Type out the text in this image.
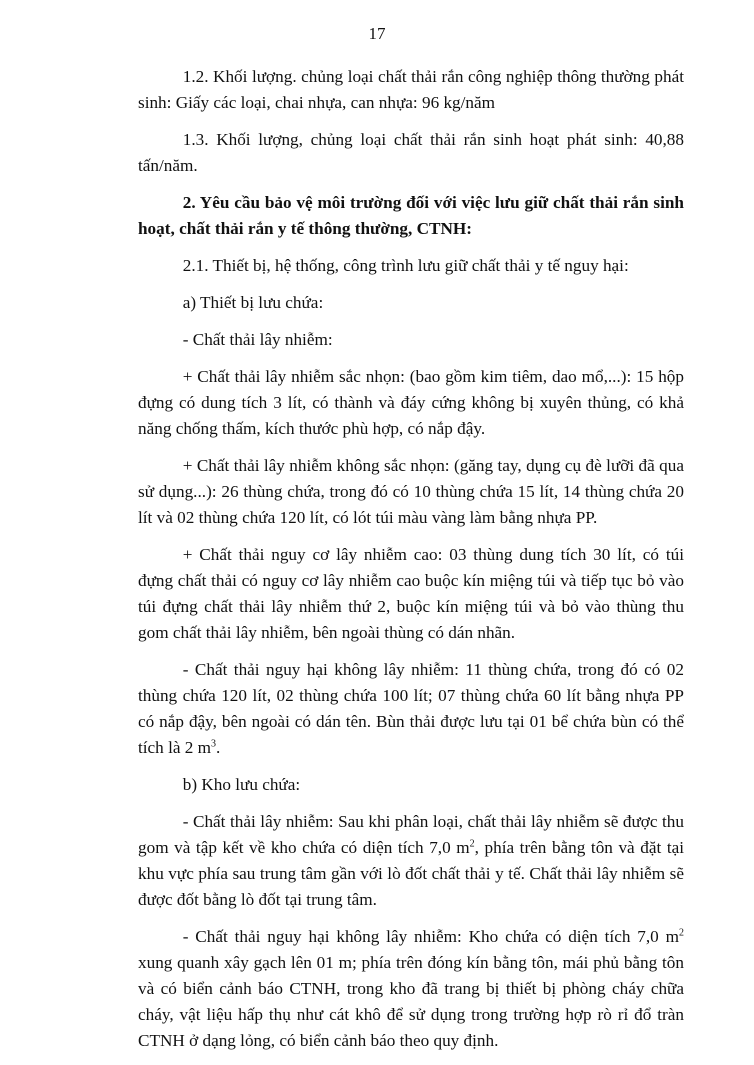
17

1.2. Khối lượng. chủng loại chất thải rắn công nghiệp thông thường phát sinh: Giấy các loại, chai nhựa, can nhựa: 96 kg/năm

1.3. Khối lượng, chủng loại chất thải rắn sinh hoạt phát sinh: 40,88 tấn/năm.

2. Yêu cầu bảo vệ môi trường đối với việc lưu giữ chất thải rắn sinh hoạt, chất thải rắn y tế thông thường, CTNH:

2.1. Thiết bị, hệ thống, công trình lưu giữ chất thải y tế nguy hại:

a) Thiết bị lưu chứa:

- Chất thải lây nhiễm:

+ Chất thải lây nhiễm sắc nhọn: (bao gồm kim tiêm, dao mổ,...): 15 hộp đựng có dung tích 3 lít, có thành và đáy cứng không bị xuyên thủng, có khả năng chống thấm, kích thước phù hợp, có nắp đậy.

+ Chất thải lây nhiễm không sắc nhọn: (găng tay, dụng cụ đè lưỡi đã qua sử dụng...): 26 thùng chứa, trong đó có 10 thùng chứa 15 lít, 14 thùng chứa 20 lít và 02 thùng chứa 120 lít, có lót túi màu vàng làm bằng nhựa PP.

+ Chất thải nguy cơ lây nhiễm cao: 03 thùng dung tích 30 lít, có túi đựng chất thải có nguy cơ lây nhiễm cao buộc kín miệng túi và tiếp tục bỏ vào túi đựng chất thải lây nhiễm thứ 2, buộc kín miệng túi và bỏ vào thùng thu gom chất thải lây nhiễm, bên ngoài thùng có dán nhãn.

- Chất thải nguy hại không lây nhiễm: 11 thùng chứa, trong đó có 02 thùng chứa 120 lít, 02 thùng chứa 100 lít; 07 thùng chứa 60 lít bằng nhựa PP có nắp đậy, bên ngoài có dán tên. Bùn thải được lưu tại 01 bể chứa bùn có thể tích là 2 $m^3$.

b) Kho lưu chứa:

- Chất thải lây nhiễm: Sau khi phân loại, chất thải lây nhiễm sẽ được thu gom và tập kết về kho chứa có diện tích 7,0 $m^2$, phía trên bằng tôn và đặt tại khu vực phía sau trung tâm gần với lò đốt chất thải y tế. Chất thải lây nhiễm sẽ được đốt bằng lò đốt tại trung tâm.

- Chất thải nguy hại không lây nhiễm: Kho chứa có diện tích 7,0 $m^2$ xung quanh xây gạch lên 01 m; phía trên đóng kín bằng tôn, mái phủ bằng tôn và có biển cảnh báo CTNH, trong kho đã trang bị thiết bị phòng cháy chữa cháy, vật liệu hấp thụ như cát khô để sử dụng trong trường hợp rò rỉ đổ tràn CTNH ở dạng lỏng, có biển cảnh báo theo quy định.
